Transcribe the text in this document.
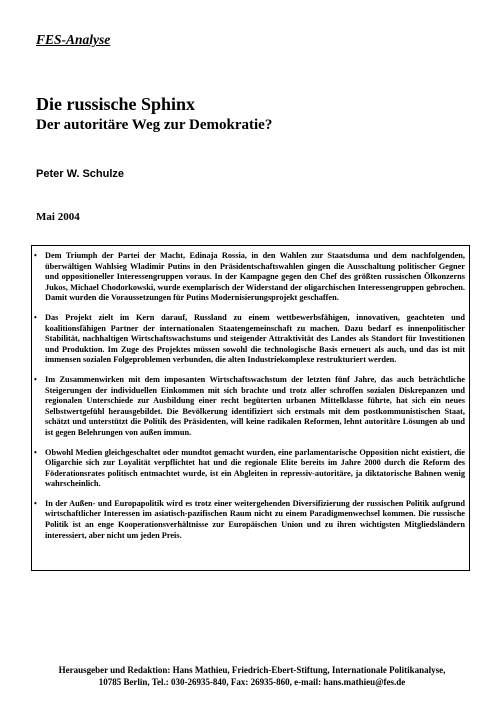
FES-Analyse
Die russische Sphinx
Der autoritäre Weg zur Demokratie?
Peter W. Schulze
Mai 2004
• Dem Triumph der Partei der Macht, Edinaja Rossia, in den Wahlen zur Staatsduma und dem nachfolgenden, überwältigen Wahlsieg Wladimir Putins in den Präsidentschaftswahlen gingen die Ausschaltung politischer Gegner und oppositioneller Interessengruppen voraus. In der Kampagne gegen den Chef des größten russischen Ölkonzerns Jukos, Michael Chodorkowski, wurde exemplarisch der Widerstand der oligarchischen Interessengruppen gebrochen. Damit wurden die Voraussetzungen für Putins Modernisierungsprojekt geschaffen.
• Das Projekt zielt im Kern darauf, Russland zu einem wettbewerbsfähigen, innovativen, geachteten und koalitionsfähigen Partner der internationalen Staatengemeinschaft zu machen. Dazu bedarf es innenpolitischer Stabilität, nachhaltigen Wirtschaftswachstums und steigender Attraktivität des Landes als Standort für Investitionen und Produktion. Im Zuge des Projektes müssen sowohl die technologische Basis erneuert als auch, und das ist mit immensen sozialen Folgeproblemen verbunden, die alten Industriekomplexe restrukturiert werden.
• Im Zusammenwirken mit dem imposanten Wirtschaftswachstum der letzten fünf Jahre, das auch beträchtliche Steigerungen der individuellen Einkommen mit sich brachte und trotz aller schroffen sozialen Diskrepanzen und regionalen Unterschiede zur Ausbildung einer recht begüterten urbanen Mittelklasse führte, hat sich ein neues Selbstwertgefühl herausgebildet. Die Bevölkerung identifiziert sich erstmals mit dem postkommunistischen Staat, schätzt und unterstützt die Politik des Präsidenten, will keine radikalen Reformen, lehnt autoritäre Lösungen ab und ist gegen Belehrungen von außen immun.
• Obwohl Medien gleichgeschaltet oder mundtot gemacht wurden, eine parlamentarische Opposition nicht existiert, die Oligarchie sich zur Loyalität verpflichtet hat und die regionale Elite bereits im Jahre 2000 durch die Reform des Föderationsrates politisch entmachtet wurde, ist ein Abgleiten in repressiv-autoritäre, ja diktatorische Bahnen wenig wahrscheinlich.
• In der Außen- und Europapolitik wird es trotz einer weitergehenden Diversifizierung der russischen Politik aufgrund wirtschaftlicher Interessen im asiatisch-pazifischen Raum nicht zu einem Paradigmenwechsel kommen. Die russische Politik ist an enge Kooperationsverhältnisse zur Europäischen Union und zu ihren wichtigsten Mitgliedsländern interessiert, aber nicht um jeden Preis.
Herausgeber und Redaktion: Hans Mathieu, Friedrich-Ebert-Stiftung, Internationale Politikanalyse,
10785 Berlin, Tel.: 030-26935-840, Fax: 26935-860, e-mail: hans.mathieu@fes.de
